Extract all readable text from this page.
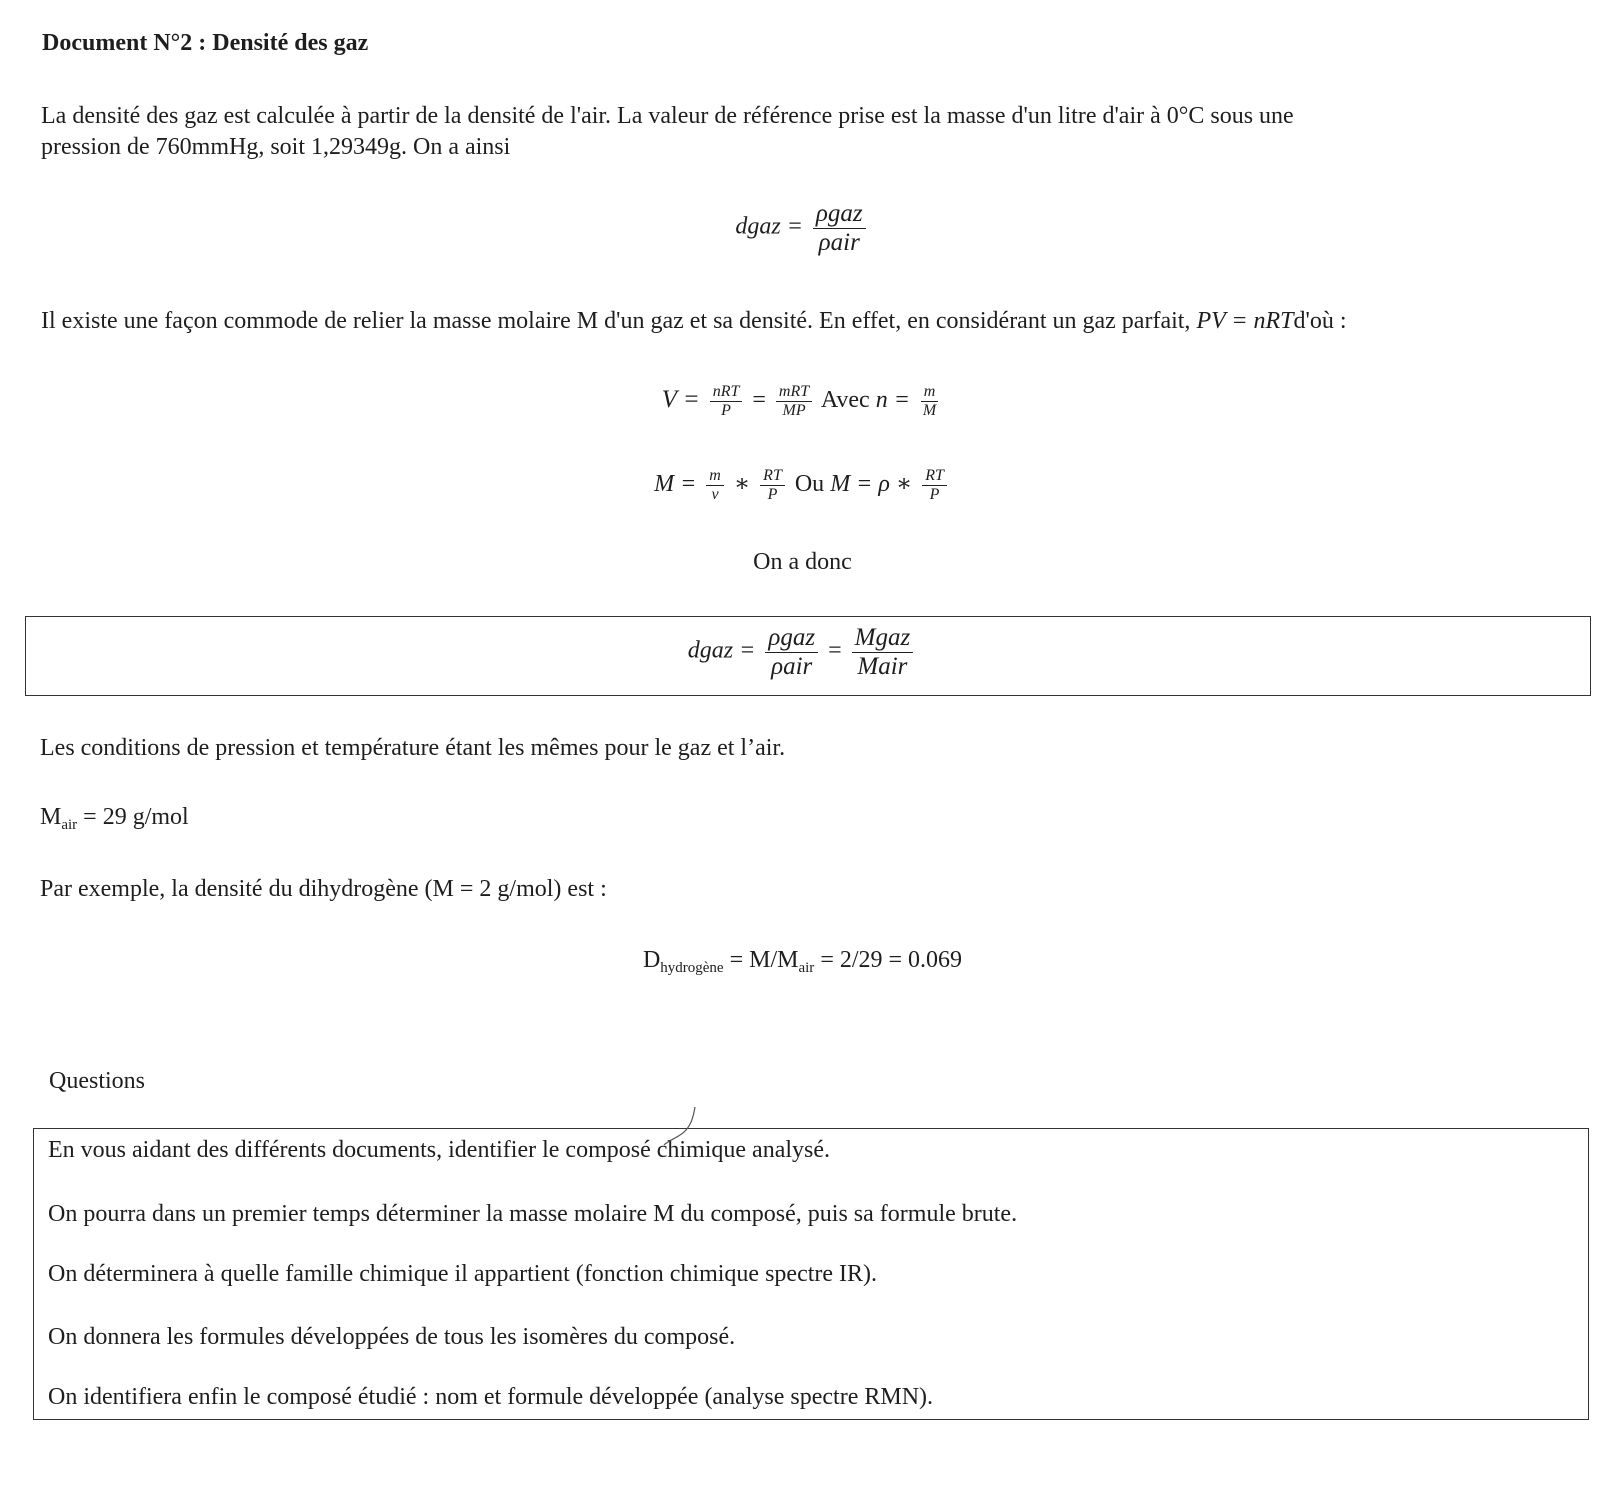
Document N°2 : Densité des gaz
La densité des gaz est calculée à partir de la densité de l'air. La valeur de référence prise est la masse d'un litre d'air à 0°C sous une
pression de 760mmHg, soit 1,29349g. On a ainsi
dgaz = $\frac{\text{ρgaz}}{\text{ρair}}$
Il existe une façon commode de relier la masse molaire M d'un gaz et sa densité. En effet, en considérant un gaz parfait, PV = nRTd'où :
$V = \frac{\text{nRT}}{P} = \frac{\text{mRT}}{MP}$ Avec $n = \frac{m}{M}$
$M = \frac{m}{v}$ ∗ $\frac{RT}{P}$ Ou M = ρ ∗ $\frac{RT}{P}$
On a donc
dgaz = $\frac{\text{ρgaz}}{\text{ρair}} = \frac{\text{Mgaz}}{\text{Mair}}$
Les conditions de pression et température étant les mêmes pour le gaz et l’air.
$M_{air} = 29$ g/mol
Par exemple, la densité du dihydrogène (M = 2 g/mol) est :
$D_{hydrogène} = M/M_{air} = 2/29 = 0.069$
Questions
En vous aidant des différents documents, identifier le composé chimique analysé.
On pourra dans un premier temps déterminer la masse molaire M du composé, puis sa formule brute.
On déterminera à quelle famille chimique il appartient (fonction chimique spectre IR).
On donnera les formules développées de tous les isomères du composé.
On identifiera enfin le composé étudié : nom et formule développée (analyse spectre RMN).
